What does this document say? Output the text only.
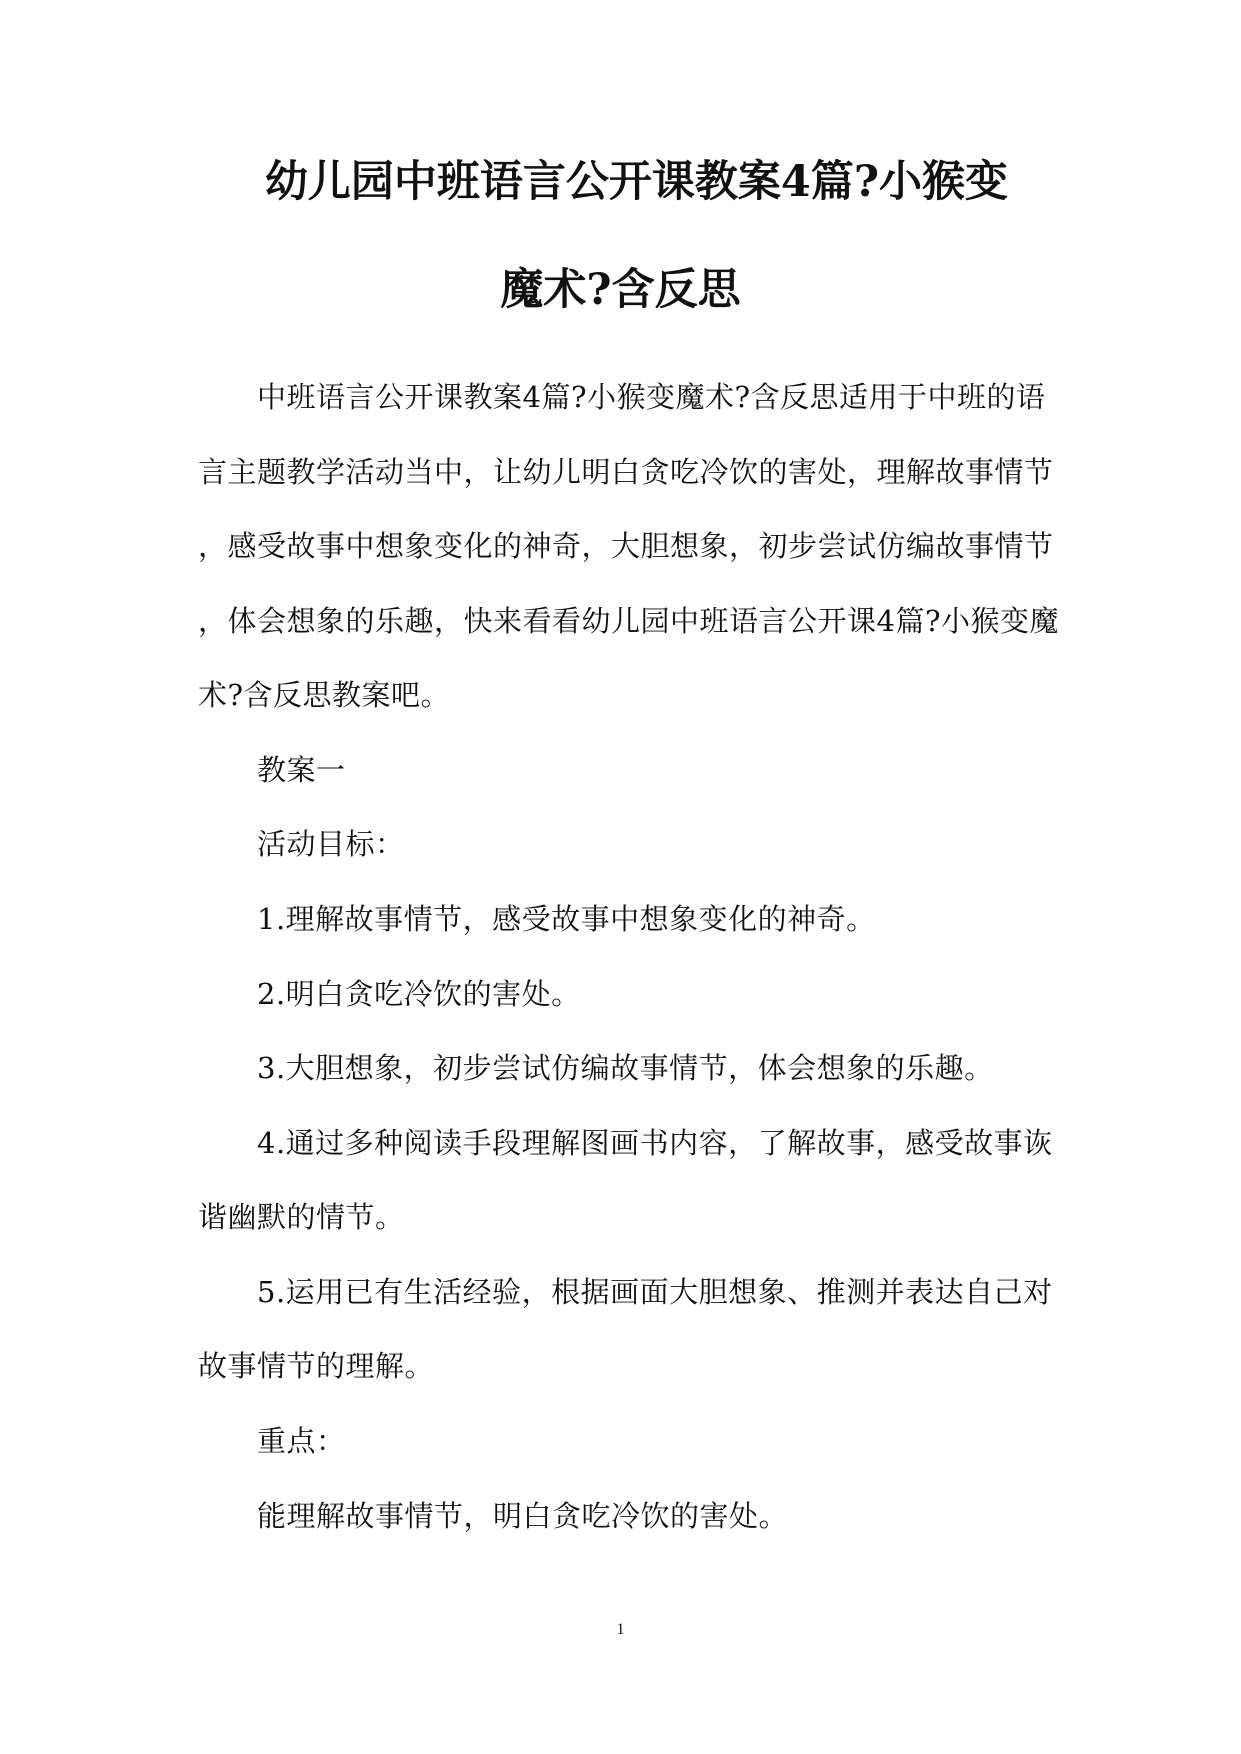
幼儿园中班语言公开课教案4篇?小猴变
魔术?含反思
中班语言公开课教案4篇?小猴变魔术?含反思适用于中班的语
言主题教学活动当中，让幼儿明白贪吃冷饮的害处，理解故事情节
，感受故事中想象变化的神奇，大胆想象，初步尝试仿编故事情节
，体会想象的乐趣，快来看看幼儿园中班语言公开课4篇?小猴变魔
术?含反思教案吧。
教案一
活动目标：
1.理解故事情节，感受故事中想象变化的神奇。
2.明白贪吃冷饮的害处。
3.大胆想象，初步尝试仿编故事情节，体会想象的乐趣。
4.通过多种阅读手段理解图画书内容，了解故事，感受故事诙
谐幽默的情节。
5.运用已有生活经验，根据画面大胆想象、推测并表达自己对
故事情节的理解。
重点：
能理解故事情节，明白贪吃冷饮的害处。
1
